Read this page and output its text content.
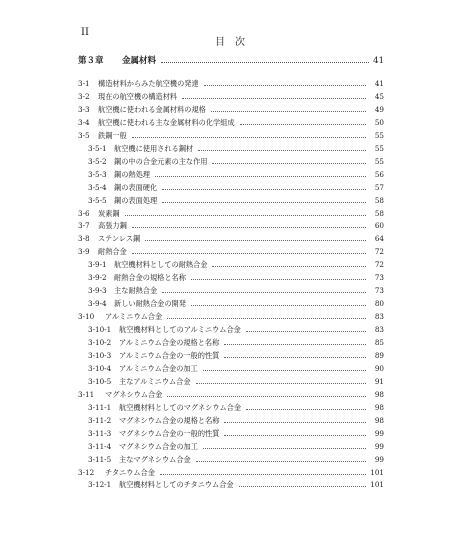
II
目　次
第３章	金属材料	41
3-1	構造材料からみた航空機の発達	41
3-2	現在の航空機の構造材料	45
3-3	航空機に使われる金属材料の規格	49
3-4	航空機に使われる主な金属材料の化学組成	50
3-5	鉄鋼一般	55
3-5-1	航空機に使用される鋼材	55
3-5-2	鋼の中の合金元素の主な作用	55
3-5-3	鋼の熱処理	56
3-5-4	鋼の表面硬化	57
3-5-5	鋼の表面処理	58
3-6	炭素鋼	58
3-7	高張力鋼	60
3-8	ステンレス鋼	64
3-9	耐熱合金	72
3-9-1	航空機材料としての耐熱合金	72
3-9-2	耐熱合金の規格と名称	73
3-9-3	主な耐熱合金	73
3-9-4	新しい耐熱合金の開発	80
3-10	アルミニウム合金	83
3-10-1	航空機材料としてのアルミニウム合金	83
3-10-2	アルミニウム合金の規格と名称	85
3-10-3	アルミニウム合金の一般的性質	89
3-10-4	アルミニウム合金の加工	90
3-10-5	主なアルミニウム合金	91
3-11	マグネシウム合金	98
3-11-1	航空機材料としてのマグネシウム合金	98
3-11-2	マグネシウム合金の規格と名称	98
3-11-3	マグネシウム合金の一般的性質	99
3-11-4	マグネシウム合金の加工	99
3-11-5	主なマグネシウム合金	99
3-12	チタニウム合金	101
3-12-1	航空機材料としてのチタニウム合金	101
